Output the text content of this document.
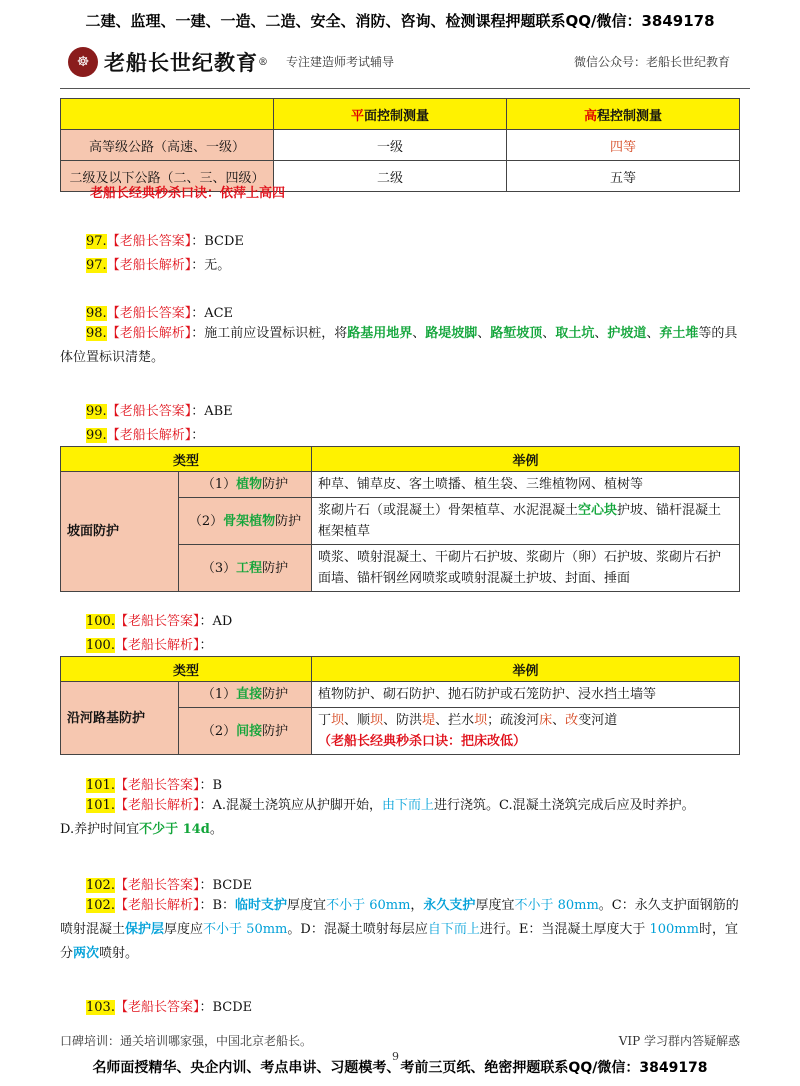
二建、监理、一建、一造、二造、安全、消防、咨询、检测课程押题联系QQ/微信：3849178
☸ 老船长世纪教育 ® 专注建造师考试辅导	微信公众号：老船长世纪教育
	平面控制测量	高程控制测量
高等级公路（高速、一级）	一级	四等
二级及以下公路（二、三、四级）	二级	五等
老船长经典秒杀口诀：依萍上高四
97.【老船长答案】：BCDE
97.【老船长解析】：无。
98.【老船长答案】：ACE
98.【老船长解析】：施工前应设置标识桩，将路基用地界、路堤坡脚、路堑坡顶、取土坑、护坡道、弃土堆等的具体位置标识清楚。
99.【老船长答案】：ABE
99.【老船长解析】：
类型		举例
坡面防护	（1）植物防护	种草、铺草皮、客土喷播、植生袋、三维植物网、植树等
	（2）骨架植物防护	浆砌片石（或混凝土）骨架植草、水泥混凝土空心块护坡、锚杆混凝土框架植草
	（3）工程防护	喷浆、喷射混凝土、干砌片石护坡、浆砌片（卵）石护坡、浆砌片石护面墙、锚杆钢丝网喷浆或喷射混凝土护坡、封面、捶面
100.【老船长答案】：AD
100.【老船长解析】：
类型		举例
沿河路基防护	（1）直接防护	植物防护、砌石防护、抛石防护或石笼防护、浸水挡土墙等
	（2）间接防护	丁坝、顺坝、防洪堤、拦水坝；疏浚河床、改变河道
（老船长经典秒杀口诀：把床改低）
101.【老船长答案】：B
101.【老船长解析】：A.混凝土浇筑应从护脚开始，由下而上进行浇筑。C.混凝土浇筑完成后应及时养护。
D.养护时间宜不少于 14d。
102.【老船长答案】：BCDE
102.【老船长解析】：B：临时支护厚度宜不小于 60mm，永久支护厚度宜不小于 80mm。C：永久支护面钢筋的喷射混凝土保护层厚度应不小于 50mm。D：混凝土喷射每层应自下而上进行。E：当混凝土厚度大于 100mm时，宜分两次喷射。
103.【老船长答案】：BCDE
口碑培训：通关培训哪家强，中国北京老船长。	VIP 学习群内答疑解惑
9
名师面授精华、央企内训、考点串讲、习题模考、考前三页纸、绝密押题联系QQ/微信：3849178
